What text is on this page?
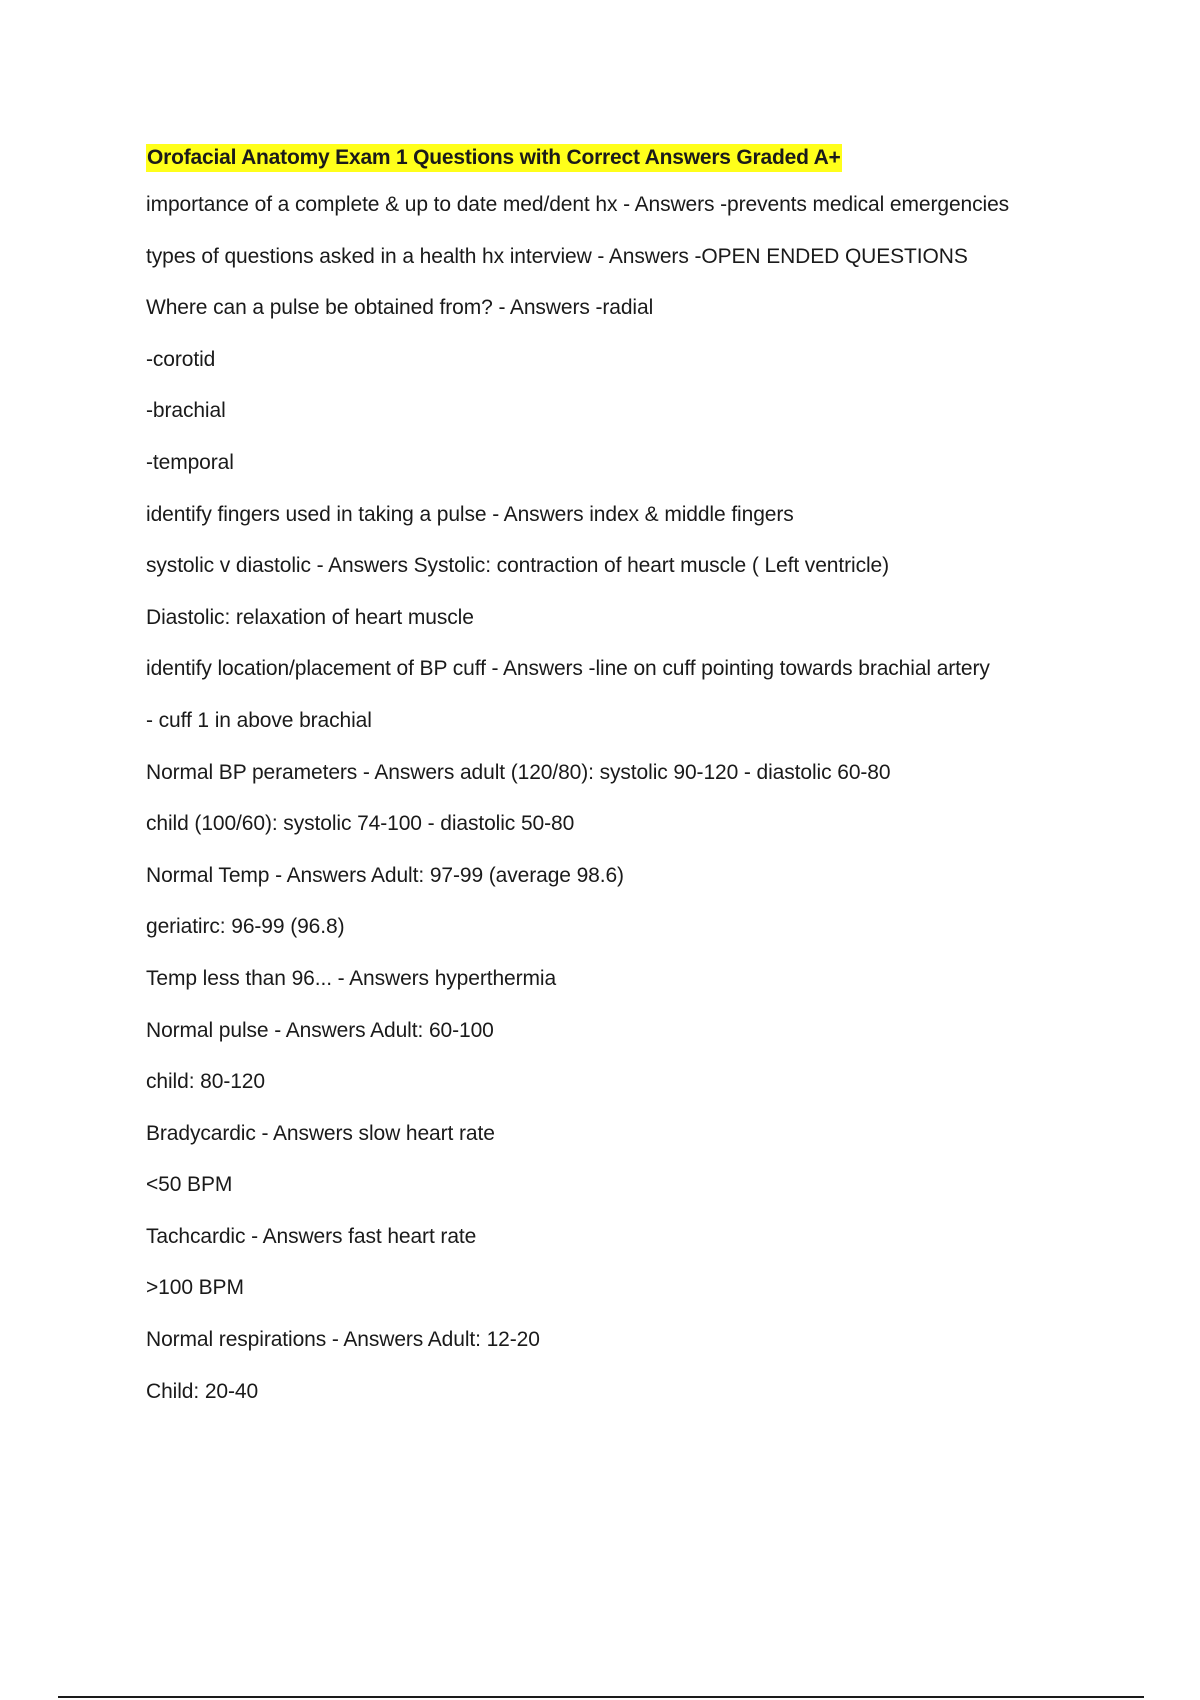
Orofacial Anatomy Exam 1 Questions with Correct Answers Graded A+
importance of a complete & up to date med/dent hx - Answers -prevents medical emergencies
types of questions asked in a health hx interview - Answers -OPEN ENDED QUESTIONS
Where can a pulse be obtained from? - Answers -radial
-corotid
-brachial
-temporal
identify fingers used in taking a pulse - Answers index & middle fingers
systolic v diastolic - Answers Systolic: contraction of heart muscle ( Left ventricle)
Diastolic: relaxation of heart muscle
identify location/placement of BP cuff - Answers -line on cuff pointing towards brachial artery
- cuff 1 in above brachial
Normal BP perameters - Answers adult (120/80): systolic 90-120 - diastolic 60-80
child (100/60): systolic 74-100 - diastolic 50-80
Normal Temp - Answers Adult: 97-99 (average 98.6)
geriatirc: 96-99 (96.8)
Temp less than 96... - Answers hyperthermia
Normal pulse - Answers Adult: 60-100
child: 80-120
Bradycardic - Answers slow heart rate
<50 BPM
Tachcardic - Answers fast heart rate
>100 BPM
Normal respirations - Answers Adult: 12-20
Child: 20-40
